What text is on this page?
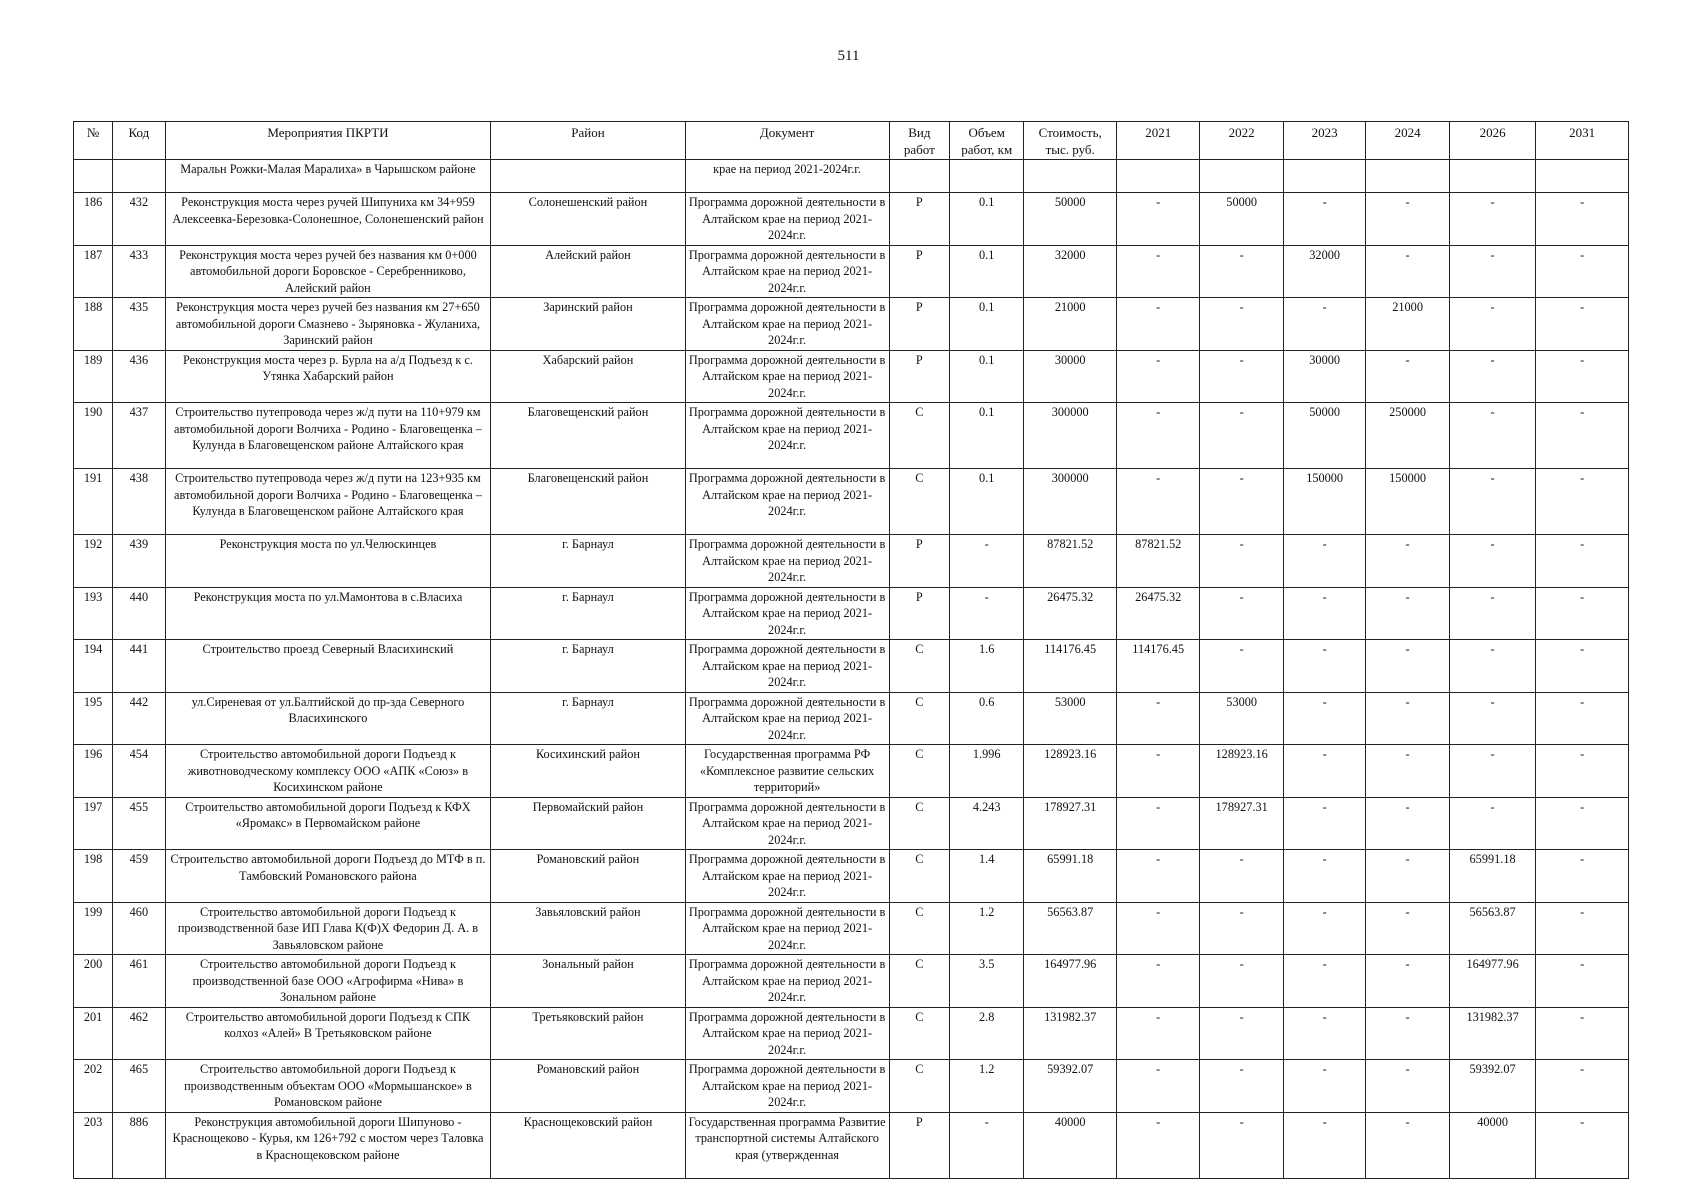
511
№	Код	Мероприятия ПКРТИ	Район	Документ	Вид работ	Объем работ, км	Стоимость, тыс. руб.	2021	2022	2023	2024	2026	2031
		Маральн Рожки-Малая Маралиха» в Чарышском районе		крае на период 2021-2024г.г.									
186	432	Реконструкция моста через ручей Шипуниха км 34+959 Алексеевка-Березовка-Солонешное, Солонешенский район	Солонешенский район	Программа дорожной деятельности в Алтайском крае на период 2021-2024г.г.	Р	0.1	50000	-	50000	-	-	-	-
187	433	Реконструкция моста через ручей без названия км 0+000 автомобильной дороги Боровское - Серебренниково, Алейский район	Алейский район	Программа дорожной деятельности в Алтайском крае на период 2021-2024г.г.	Р	0.1	32000	-	-	32000	-	-	-
188	435	Реконструкция моста через ручей без названия км 27+650 автомобильной дороги Смазнево - Зыряновка - Жуланиха, Заринский район	Заринский район	Программа дорожной деятельности в Алтайском крае на период 2021-2024г.г.	Р	0.1	21000	-	-	-	21000	-	-
189	436	Реконструкция моста через р. Бурла на а/д Подъезд к с. Утянка Хабарский район	Хабарский район	Программа дорожной деятельности в Алтайском крае на период 2021-2024г.г.	Р	0.1	30000	-	-	30000	-	-	-
190	437	Строительство путепровода через ж/д пути на 110+979 км автомобильной дороги Волчиха - Родино - Благовещенка – Кулунда в Благовещенском районе Алтайского края	Благовещенский район	Программа дорожной деятельности в Алтайском крае на период 2021-2024г.г.	С	0.1	300000	-	-	50000	250000	-	-
191	438	Строительство путепровода через ж/д пути на 123+935 км автомобильной дороги Волчиха - Родино - Благовещенка – Кулунда в Благовещенском районе Алтайского края	Благовещенский район	Программа дорожной деятельности в Алтайском крае на период 2021-2024г.г.	С	0.1	300000	-	-	150000	150000	-	-
192	439	Реконструкция моста по ул.Челюскинцев	г. Барнаул	Программа дорожной деятельности в Алтайском крае на период 2021-2024г.г.	Р	-	87821.52	87821.52	-	-	-	-	-
193	440	Реконструкция моста по ул.Мамонтова в с.Власиха	г. Барнаул	Программа дорожной деятельности в Алтайском крае на период 2021-2024г.г.	Р	-	26475.32	26475.32	-	-	-	-	-
194	441	Строительство проезд Северный Власихинский	г. Барнаул	Программа дорожной деятельности в Алтайском крае на период 2021-2024г.г.	С	1.6	114176.45	114176.45	-	-	-	-	-
195	442	ул.Сиреневая от ул.Балтийской до пр-зда Северного Власихинского	г. Барнаул	Программа дорожной деятельности в Алтайском крае на период 2021-2024г.г.	С	0.6	53000	-	53000	-	-	-	-
196	454	Строительство автомобильной дороги Подъезд к животноводческому комплексу ООО «АПК «Союз» в Косихинском районе	Косихинский район	Государственная программа РФ «Комплексное развитие сельских территорий»	С	1.996	128923.16	-	128923.16	-	-	-	-
197	455	Строительство автомобильной дороги Подъезд к КФХ «Яромакс» в Первомайском районе	Первомайский район	Программа дорожной деятельности в Алтайском крае на период 2021-2024г.г.	С	4.243	178927.31	-	178927.31	-	-	-	-
198	459	Строительство автомобильной дороги Подъезд до МТФ в п. Тамбовский Романовского района	Романовский район	Программа дорожной деятельности в Алтайском крае на период 2021-2024г.г.	С	1.4	65991.18	-	-	-	-	65991.18	-
199	460	Строительство автомобильной дороги Подъезд к производственной базе ИП Глава К(Ф)Х Федорин Д. А. в Завьяловском районе	Завьяловский район	Программа дорожной деятельности в Алтайском крае на период 2021-2024г.г.	С	1.2	56563.87	-	-	-	-	56563.87	-
200	461	Строительство автомобильной дороги Подъезд к производственной базе ООО «Агрофирма «Нива» в Зональном районе	Зональный район	Программа дорожной деятельности в Алтайском крае на период 2021-2024г.г.	С	3.5	164977.96	-	-	-	-	164977.96	-
201	462	Строительство автомобильной дороги Подъезд к СПК колхоз «Алей» В Третьяковском районе	Третьяковский район	Программа дорожной деятельности в Алтайском крае на период 2021-2024г.г.	С	2.8	131982.37	-	-	-	-	131982.37	-
202	465	Строительство автомобильной дороги Подъезд к производственным объектам ООО «Мормышанское» в Романовском районе	Романовский район	Программа дорожной деятельности в Алтайском крае на период 2021-2024г.г.	С	1.2	59392.07	-	-	-	-	59392.07	-
203	886	Реконструкция автомобильной дороги Шипуново - Краснощеково - Курья, км 126+792 с мостом через Таловка в Краснощековском районе	Краснощековский район	Государственная программа Развитие транспортной системы Алтайского края (утвержденная	Р	-	40000	-	-	-	-	40000	-
